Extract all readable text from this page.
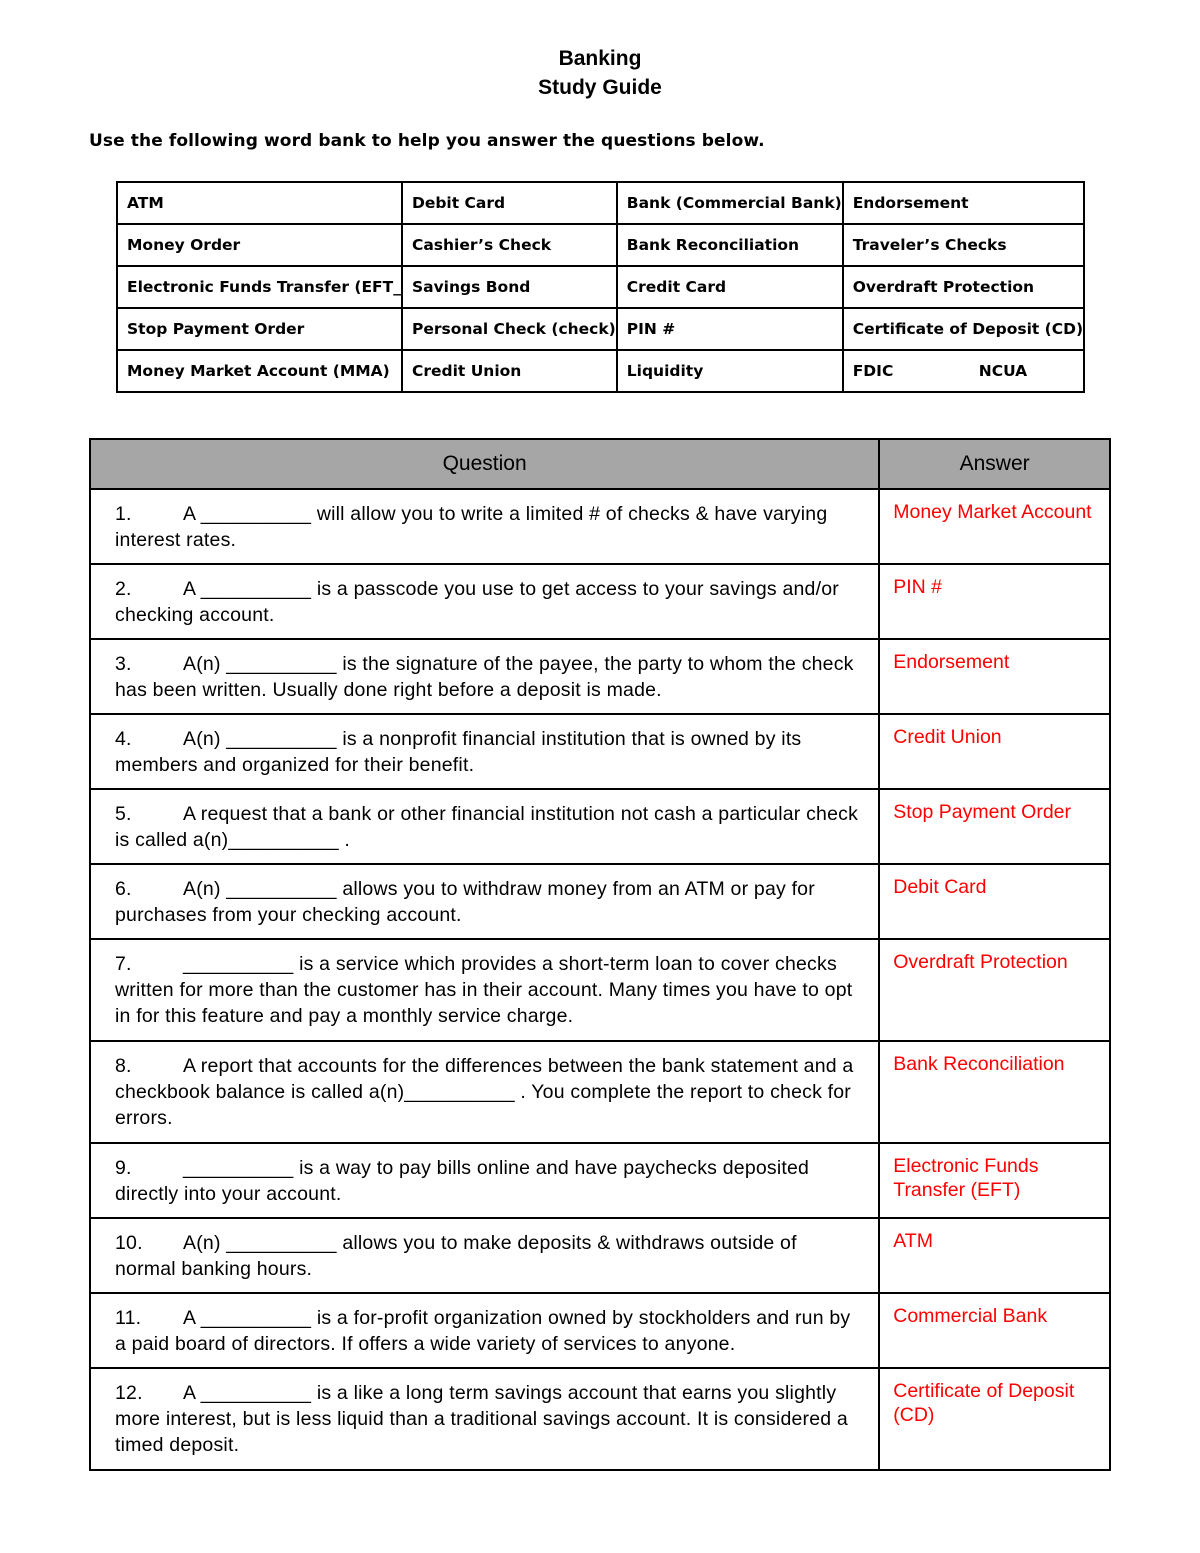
Banking
Study Guide
Use the following word bank to help you answer the questions below.
ATM	Debit Card	Bank (Commercial Bank)	Endorsement
Money Order	Cashier’s Check	Bank Reconciliation	Traveler’s Checks
Electronic Funds Transfer (EFT_	Savings Bond	Credit Card	Overdraft Protection
Stop Payment Order	Personal Check (check)	PIN #	Certificate of Deposit (CD)
Money Market Account (MMA)	Credit Union	Liquidity	FDIC NCUA
Question	Answer
1. A __________ will allow you to write a limited # of checks & have varying interest rates.	Money Market Account
2. A __________ is a passcode you use to get access to your savings and/or checking account.	PIN #
3. A(n) __________ is the signature of the payee, the party to whom the check has been written. Usually done right before a deposit is made.	Endorsement
4. A(n) __________ is a nonprofit financial institution that is owned by its members and organized for their benefit.	Credit Union
5. A request that a bank or other financial institution not cash a particular check is called a(n)__________ .	Stop Payment Order
6. A(n) __________ allows you to withdraw money from an ATM or pay for purchases from your checking account.	Debit Card
7. __________ is a service which provides a short-term loan to cover checks written for more than the customer has in their account. Many times you have to opt in for this feature and pay a monthly service charge.	Overdraft Protection
8. A report that accounts for the differences between the bank statement and a checkbook balance is called a(n)__________ . You complete the report to check for errors.	Bank Reconciliation
9. __________ is a way to pay bills online and have paychecks deposited directly into your account.	Electronic Funds Transfer (EFT)
10. A(n) __________ allows you to make deposits & withdraws outside of normal banking hours.	ATM
11. A __________ is a for-profit organization owned by stockholders and run by a paid board of directors. If offers a wide variety of services to anyone.	Commercial Bank
12. A __________ is a like a long term savings account that earns you slightly more interest, but is less liquid than a traditional savings account. It is considered a timed deposit.	Certificate of Deposit (CD)
